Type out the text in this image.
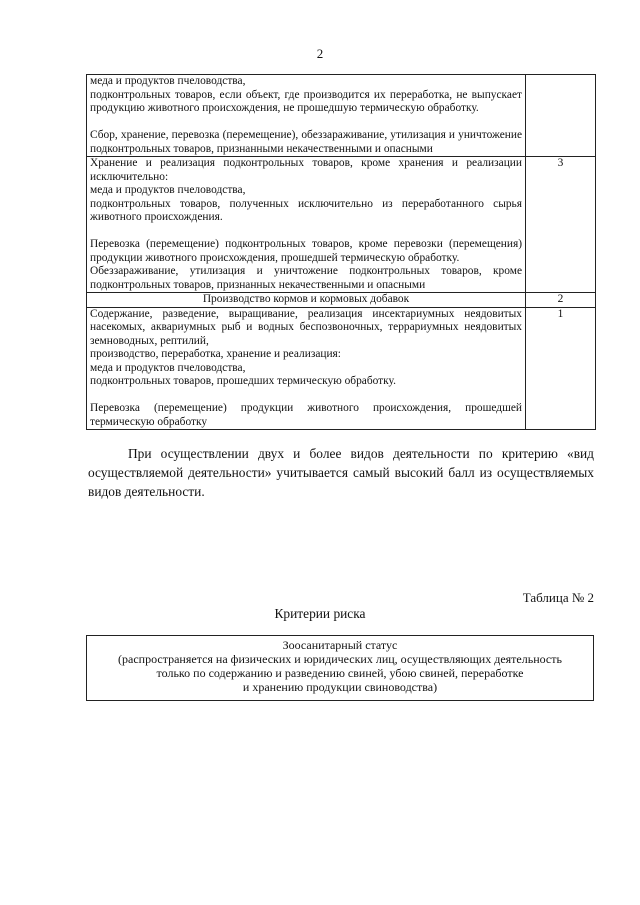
2
меда и продуктов пчеловодства,
подконтрольных товаров, если объект, где производится их переработка, не выпускает продукцию животного происхождения, не прошедшую термическую обработку.
Сбор, хранение, перевозка (перемещение), обеззараживание, утилизация и уничтожение подконтрольных товаров, признанными некачественными и опасными	

Хранение и реализация подконтрольных товаров, кроме хранения и реализации исключительно:
меда и продуктов пчеловодства,
подконтрольных товаров, полученных исключительно из переработанного сырья животного происхождения.
Перевозка (перемещение) подконтрольных товаров, кроме перевозки (перемещения) продукции животного происхождения, прошедшей термическую обработку.
Обеззараживание, утилизация и уничтожение подконтрольных товаров, кроме подконтрольных товаров, признанных некачественными и опасными	3

Производство кормов и кормовых добавок	2

Содержание, разведение, выращивание, реализация инсектариумных неядовитых насекомых, аквариумных рыб и водных беспозвоночных, террариумных неядовитых земноводных, рептилий,
производство, переработка, хранение и реализация:
меда и продуктов пчеловодства,
подконтрольных товаров, прошедших термическую обработку.
Перевозка (перемещение) продукции животного происхождения, прошедшей термическую обработку	1
При осуществлении двух и более видов деятельности по критерию «вид осуществляемой деятельности» учитывается самый высокий балл из осуществляемых видов деятельности.
Таблица № 2
Критерии риска
Зоосанитарный статус
(распространяется на физических и юридических лиц, осуществляющих деятельность
только по содержанию и разведению свиней, убою свиней, переработке
и хранению продукции свиноводства)
